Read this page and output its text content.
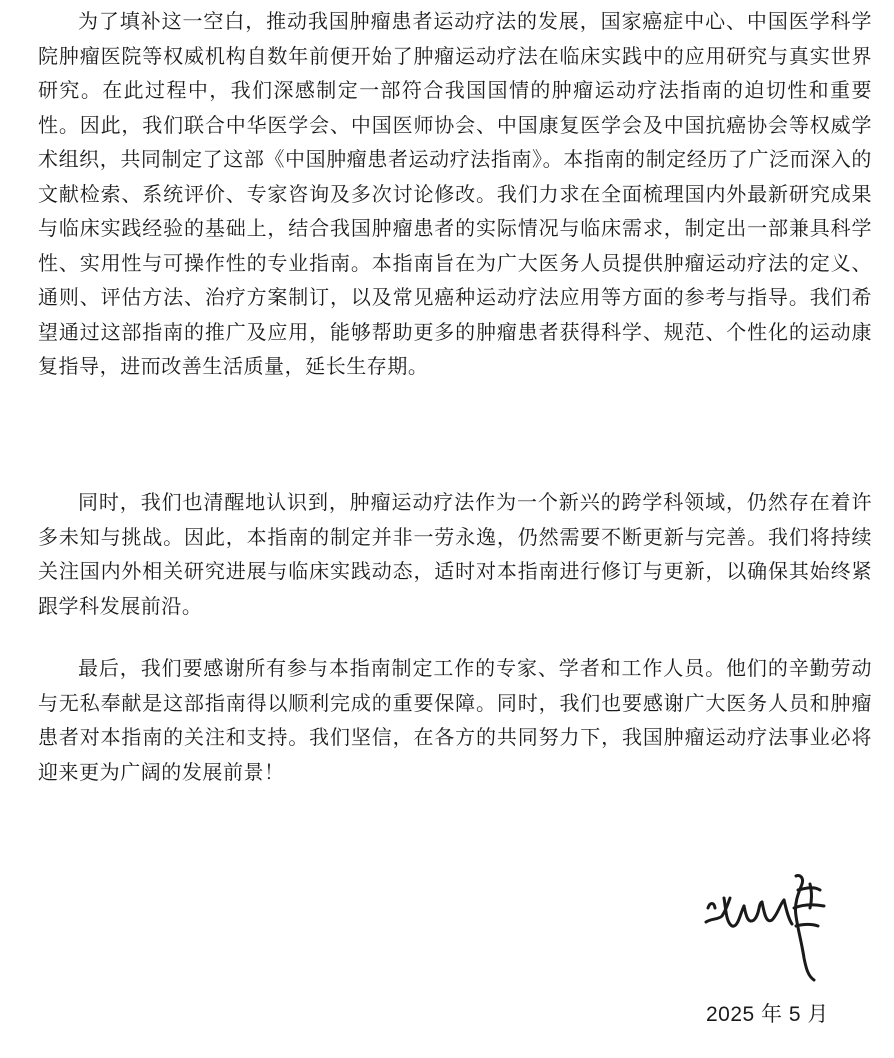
为了填补这一空白，推动我国肿瘤患者运动疗法的发展，国家癌症中心、中国医学科学院肿瘤医院等权威机构自数年前便开始了肿瘤运动疗法在临床实践中的应用研究与真实世界研究。在此过程中，我们深感制定一部符合我国国情的肿瘤运动疗法指南的迫切性和重要性。因此，我们联合中华医学会、中国医师协会、中国康复医学会及中国抗癌协会等权威学术组织，共同制定了这部《中国肿瘤患者运动疗法指南》。本指南的制定经历了广泛而深入的文献检索、系统评价、专家咨询及多次讨论修改。我们力求在全面梳理国内外最新研究成果与临床实践经验的基础上，结合我国肿瘤患者的实际情况与临床需求，制定出一部兼具科学性、实用性与可操作性的专业指南。本指南旨在为广大医务人员提供肿瘤运动疗法的定义、通则、评估方法、治疗方案制订，以及常见癌种运动疗法应用等方面的参考与指导。我们希望通过这部指南的推广及应用，能够帮助更多的肿瘤患者获得科学、规范、个性化的运动康复指导，进而改善生活质量，延长生存期。

同时，我们也清醒地认识到，肿瘤运动疗法作为一个新兴的跨学科领域，仍然存在着许多未知与挑战。因此，本指南的制定并非一劳永逸，仍然需要不断更新与完善。我们将持续关注国内外相关研究进展与临床实践动态，适时对本指南进行修订与更新，以确保其始终紧跟学科发展前沿。

最后，我们要感谢所有参与本指南制定工作的专家、学者和工作人员。他们的辛勤劳动与无私奉献是这部指南得以顺利完成的重要保障。同时，我们也要感谢广大医务人员和肿瘤患者对本指南的关注和支持。我们坚信，在各方的共同努力下，我国肿瘤运动疗法事业必将迎来更为广阔的发展前景！

2025 年 5 月
